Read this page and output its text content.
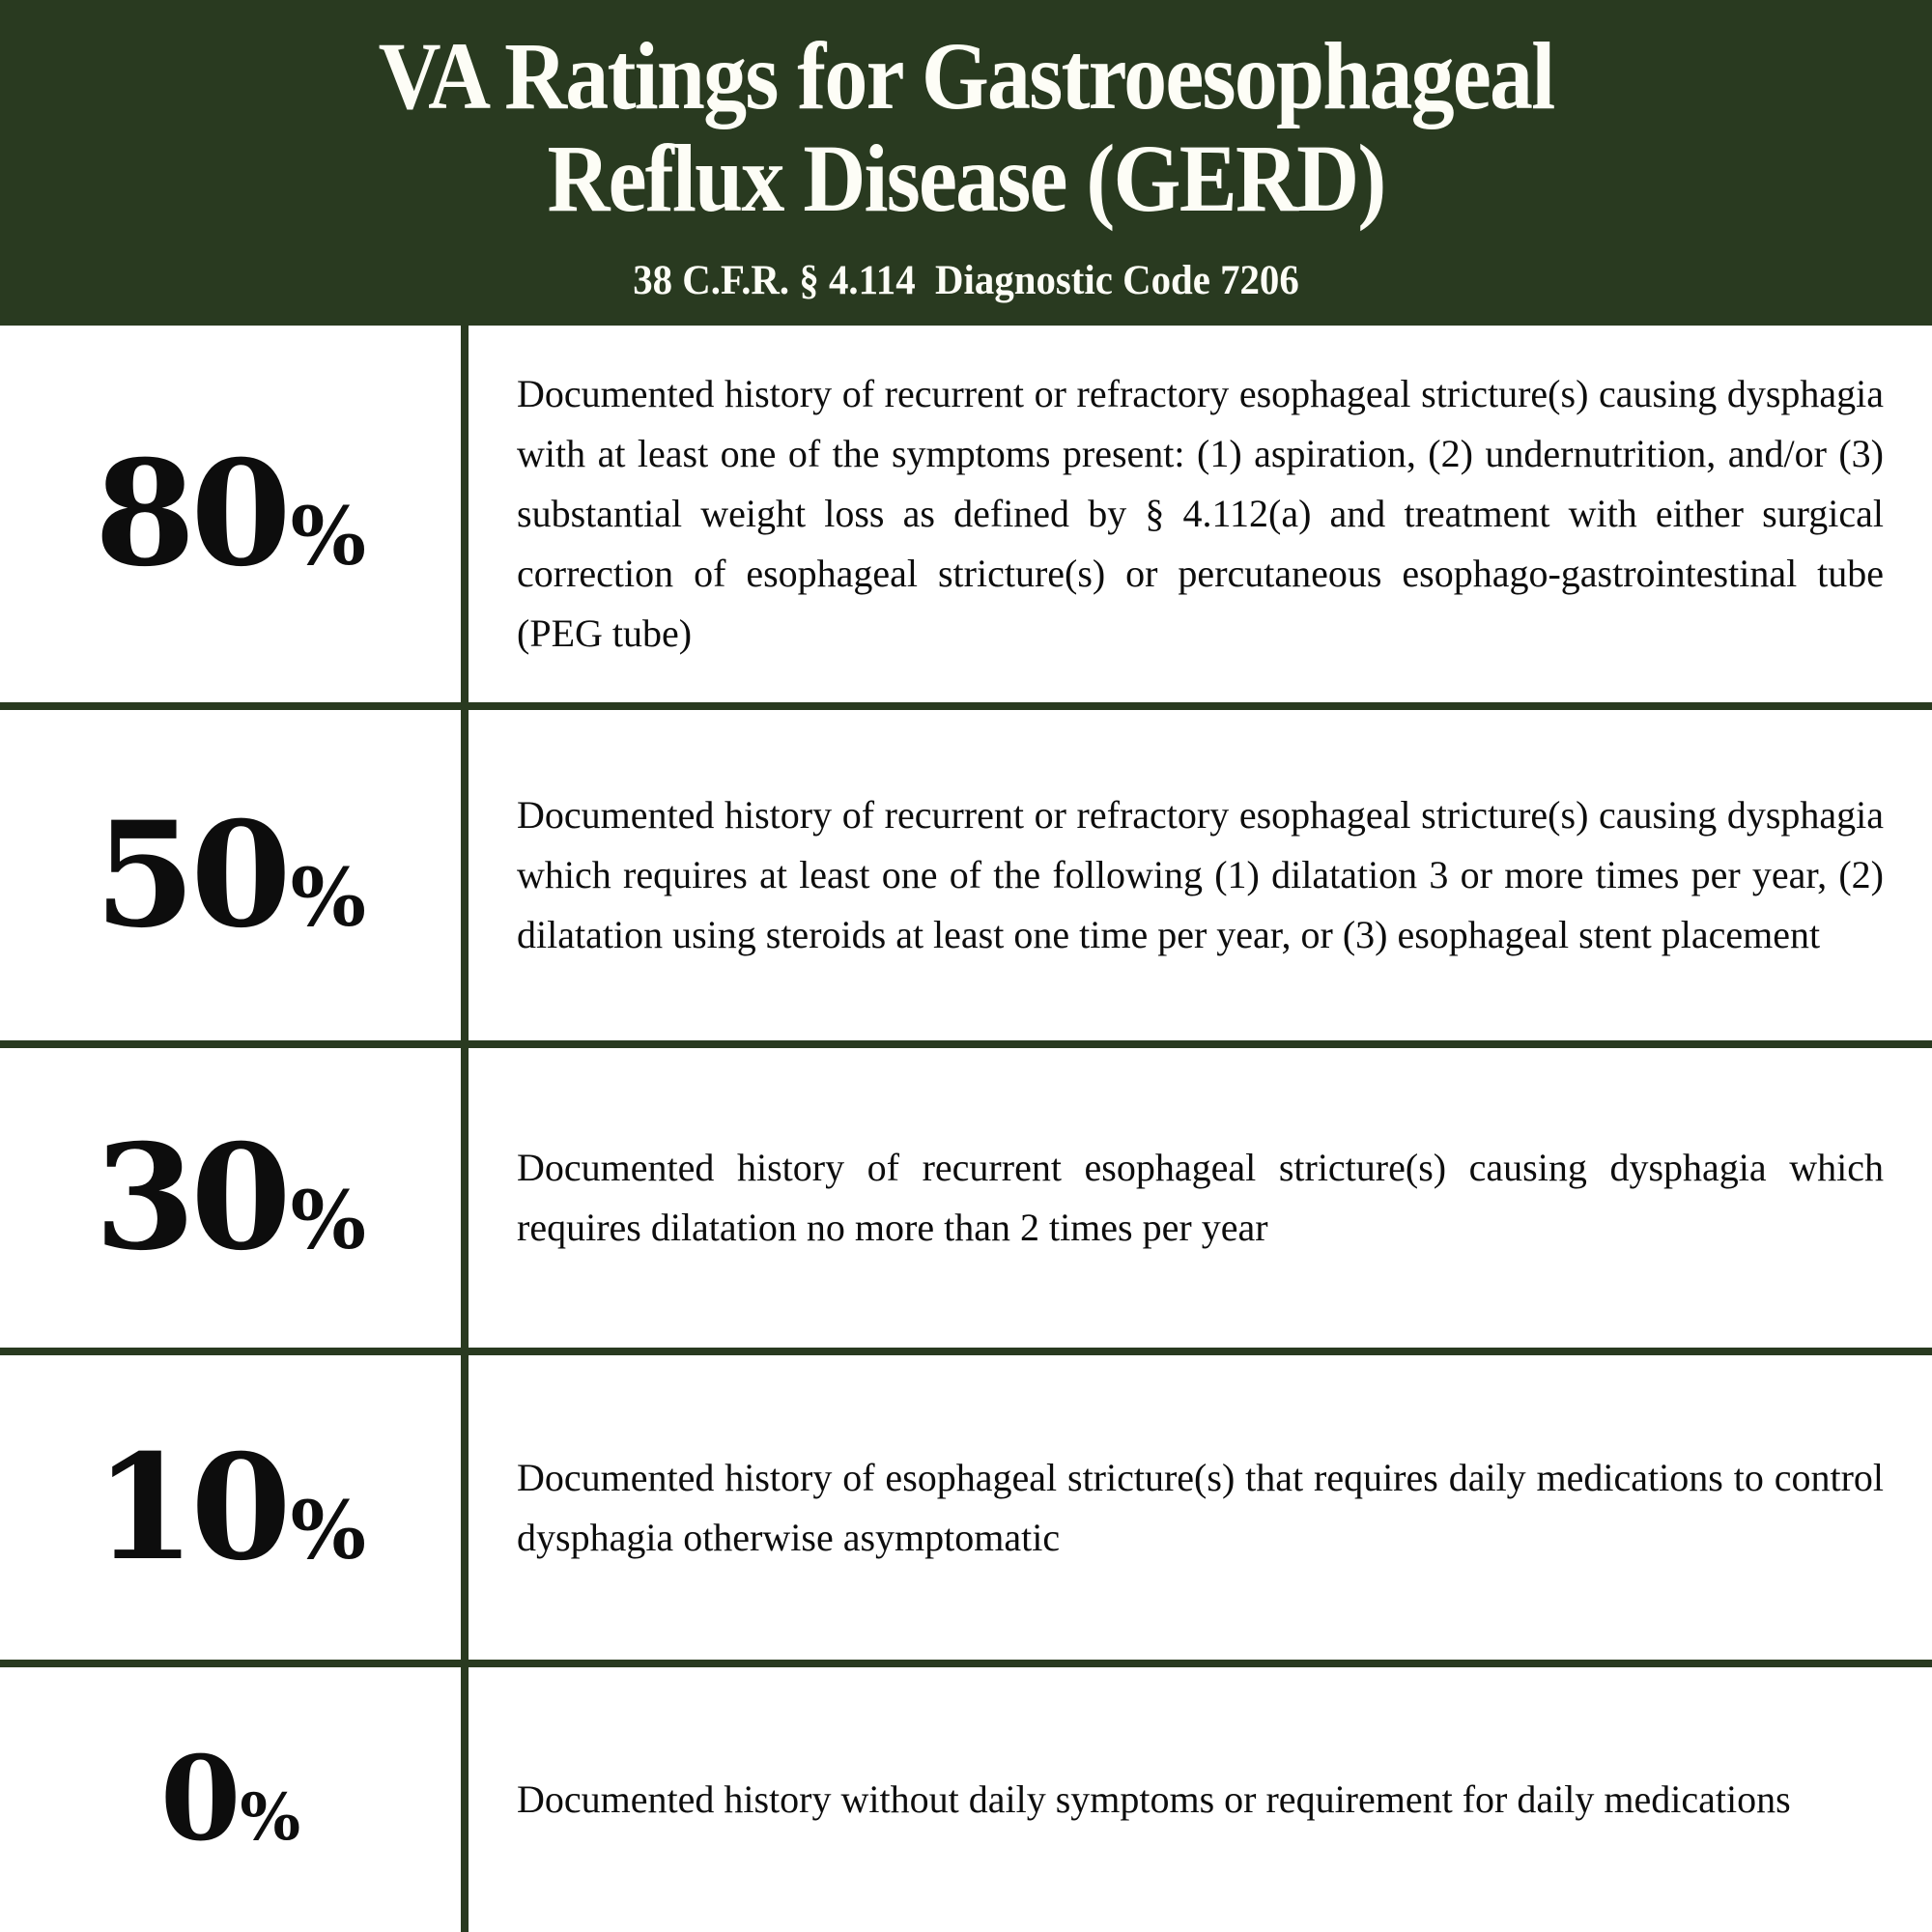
VA Ratings for Gastroesophageal
Reflux Disease (GERD)
38 C.F.R. § 4.114  Diagnostic Code 7206
80%

Documented history of recurrent or refractory esophageal stricture(s) causing dysphagia with at least one of the symptoms present: (1) aspiration, (2) undernutrition, and/or (3) substantial weight loss as defined by § 4.112(a) and treatment with either surgical correction of esophageal stricture(s) or percutaneous esophago-gastrointestinal tube (PEG tube)

50%

Documented history of recurrent or refractory esophageal stricture(s) causing dysphagia which requires at least one of the following (1) dilatation 3 or more times per year, (2) dilatation using steroids at least one time per year, or (3) esophageal stent placement

30%

Documented history of recurrent esophageal stricture(s) causing dysphagia which requires dilatation no more than 2 times per year

10%

Documented history of esophageal stricture(s) that requires daily medications to control dysphagia otherwise asymptomatic

0%	Documented history without daily symptoms or requirement for daily medications
